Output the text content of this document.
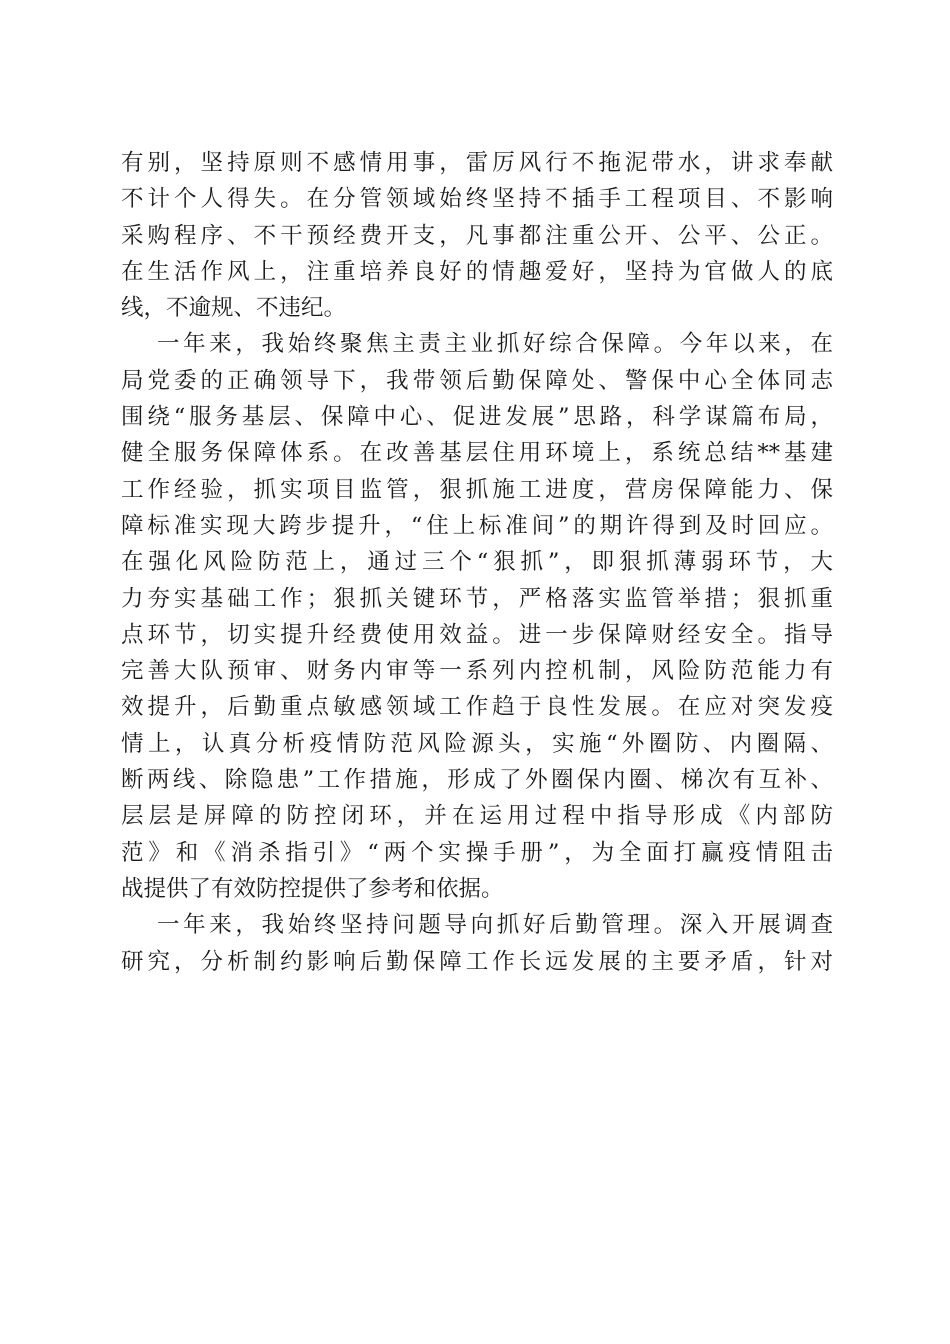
有别，坚持原则不感情用事，雷厉风行不拖泥带水，讲求奉献
不计个人得失。在分管领域始终坚持不插手工程项目、不影响
采购程序、不干预经费开支，凡事都注重公开、公平、公正。
在生活作风上，注重培养良好的情趣爱好，坚持为官做人的底
线，不逾规、不违纪。
一年来，我始终聚焦主责主业抓好综合保障。今年以来，在
局党委的正确领导下，我带领后勤保障处、警保中心全体同志
围绕“服务基层、保障中心、促进发展”思路，科学谋篇布局，
健全服务保障体系。在改善基层住用环境上，系统总结**基建
工作经验，抓实项目监管，狠抓施工进度，营房保障能力、保
障标准实现大跨步提升，“住上标准间”的期许得到及时回应。
在强化风险防范上，通过三个“狠抓”，即狠抓薄弱环节，大
力夯实基础工作；狠抓关键环节，严格落实监管举措；狠抓重
点环节，切实提升经费使用效益。进一步保障财经安全。指导
完善大队预审、财务内审等一系列内控机制，风险防范能力有
效提升，后勤重点敏感领域工作趋于良性发展。在应对突发疫
情上，认真分析疫情防范风险源头，实施“外圈防、内圈隔、
断两线、除隐患”工作措施，形成了外圈保内圈、梯次有互补、
层层是屏障的防控闭环，并在运用过程中指导形成《内部防
范》和《消杀指引》“两个实操手册”，为全面打赢疫情阻击
战提供了有效防控提供了参考和依据。
一年来，我始终坚持问题导向抓好后勤管理。深入开展调查
研究，分析制约影响后勤保障工作长远发展的主要矛盾，针对
